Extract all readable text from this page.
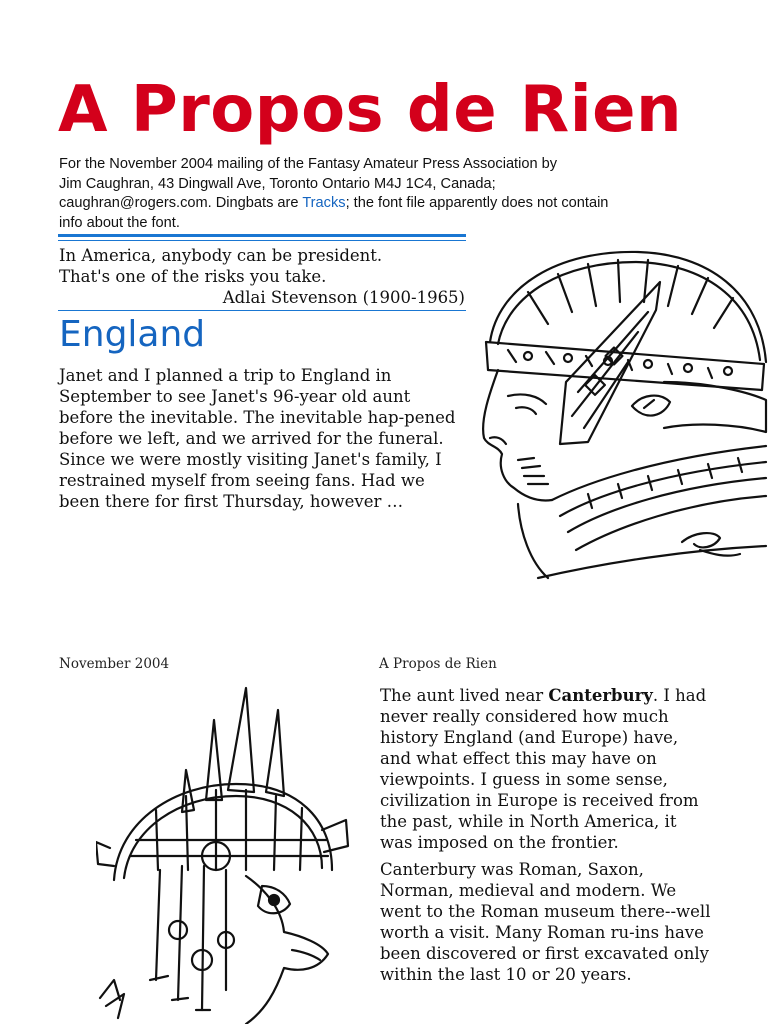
A Propos de Rien
For the November 2004 mailing of the Fantasy Amateur Press Association by
Jim Caughran, 43 Dingwall Ave, Toronto Ontario M4J 1C4, Canada;
caughran@rogers.com. Dingbats are Tracks; the font file apparently does not contain
info about the font.
In America, anybody can be president.
That's one of the risks you take.
Adlai Stevenson (1900-1965)
England

Janet and I planned a trip to England in September to see Janet's 96-year old aunt before the inevitable. The inevitable hap-pened before we left, and we arrived for the funeral. Since we were mostly visiting Janet's family, I restrained myself from seeing fans. Had we been there for first Thursday, however …

November 2004	A Propos de Rien

The aunt lived near Canterbury. I had never really considered how much history England (and Europe) have, and what effect this may have on viewpoints. I guess in some sense, civilization in Europe is received from the past, while in North America, it was imposed on the frontier.

Canterbury was Roman, Saxon, Norman, medieval and modern. We went to the Roman museum there--well worth a visit. Many Roman ru-ins have been discovered or first excavated only within the last 10 or 20 years.
